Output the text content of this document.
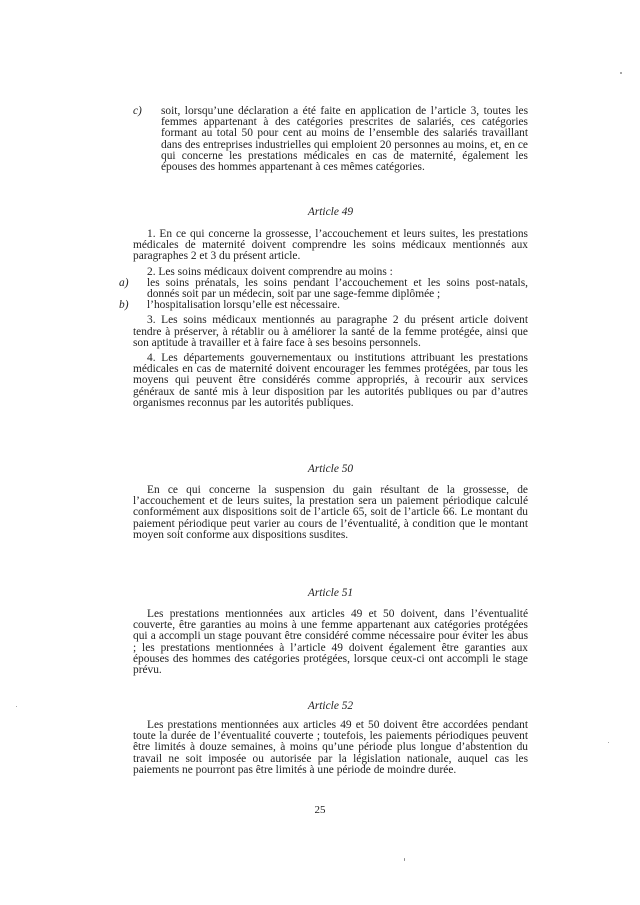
c) soit, lorsqu’une déclaration a été faite en application de l’article 3, toutes les femmes appartenant à des catégories prescrites de salariés, ces catégories formant au total 50 pour cent au moins de l’ensemble des salariés travaillant dans des entreprises industrielles qui emploient 20 personnes au moins, et, en ce qui concerne les prestations médicales en cas de maternité, également les épouses des hommes appartenant à ces mêmes catégories.

Article 49

1. En ce qui concerne la grossesse, l’accouchement et leurs suites, les prestations médicales de maternité doivent comprendre les soins médicaux mentionnés aux paragraphes 2 et 3 du présent article.

2. Les soins médicaux doivent comprendre au moins :

a) les soins prénatals, les soins pendant l’accouchement et les soins post-natals, donnés soit par un médecin, soit par une sage-femme diplômée ;

b) l’hospitalisation lorsqu’elle est nécessaire.

3. Les soins médicaux mentionnés au paragraphe 2 du présent article doivent tendre à préserver, à rétablir ou à améliorer la santé de la femme protégée, ainsi que son aptitude à travailler et à faire face à ses besoins personnels.

4. Les départements gouvernementaux ou institutions attribuant les prestations médicales en cas de maternité doivent encourager les femmes protégées, par tous les moyens qui peuvent être considérés comme appropriés, à recourir aux services généraux de santé mis à leur disposition par les autorités publiques ou par d’autres organismes reconnus par les autorités publiques.

Article 50

En ce qui concerne la suspension du gain résultant de la grossesse, de l’accouchement et de leurs suites, la prestation sera un paiement périodique calculé conformément aux dispositions soit de l’article 65, soit de l’article 66. Le montant du paiement périodique peut varier au cours de l’éventualité, à condition que le montant moyen soit conforme aux dispositions susdites.

Article 51

Les prestations mentionnées aux articles 49 et 50 doivent, dans l’éventualité couverte, être garanties au moins à une femme appartenant aux catégories protégées qui a accompli un stage pouvant être considéré comme nécessaire pour éviter les abus ; les prestations mentionnées à l’article 49 doivent également être garanties aux épouses des hommes des catégories protégées, lorsque ceux-ci ont accompli le stage prévu.

Article 52

Les prestations mentionnées aux articles 49 et 50 doivent être accordées pendant toute la durée de l’éventualité couverte ; toutefois, les paiements périodiques peuvent être limités à douze semaines, à moins qu’une période plus longue d’abstention du travail ne soit imposée ou autorisée par la législation nationale, auquel cas les paiements ne pourront pas être limités à une période de moindre durée.

25
